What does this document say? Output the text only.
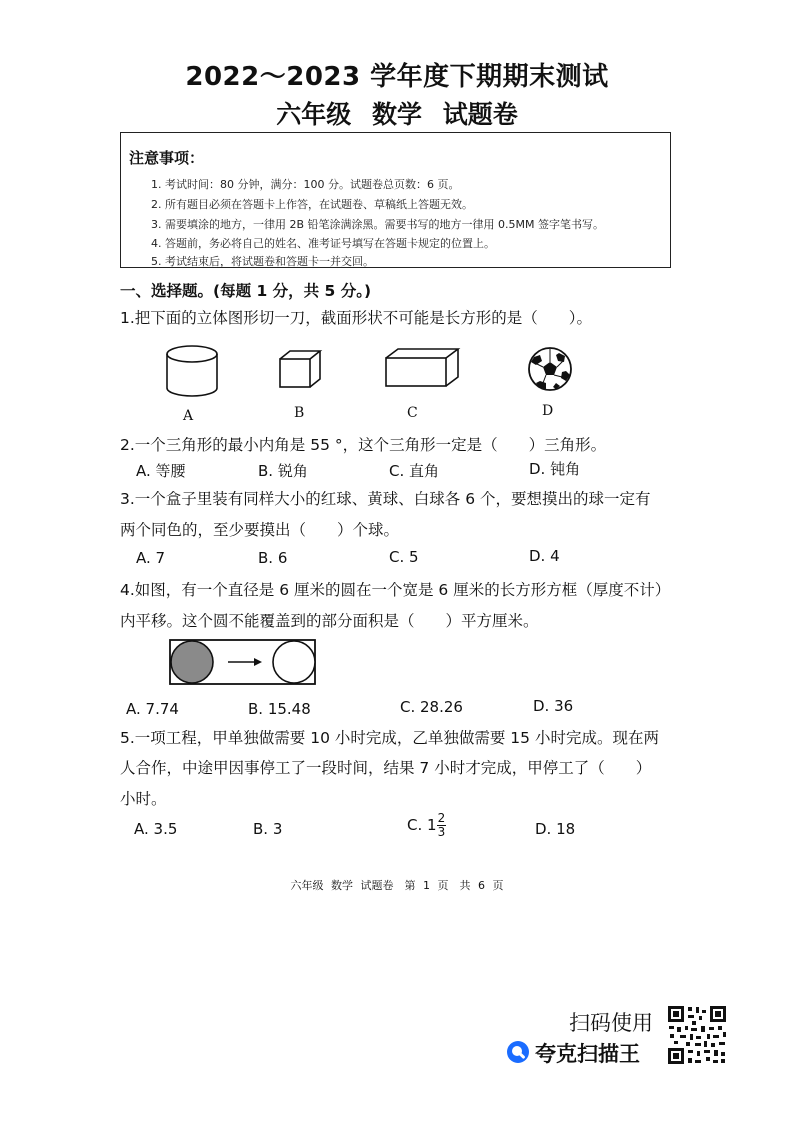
2022～2023 学年度下期期末测试
六年级 数学 试题卷
注意事项：
1. 考试时间：80 分钟，满分：100 分。试题卷总页数：6 页。
2. 所有题目必须在答题卡上作答，在试题卷、草稿纸上答题无效。
3. 需要填涂的地方，一律用 2B 铅笔涂满涂黑。需要书写的地方一律用 0.5MM 签字笔书写。
4. 答题前，务必将自己的姓名、准考证号填写在答题卡规定的位置上。
5. 考试结束后，将试题卷和答题卡一并交回。
一、选择题。(每题 1 分，共 5 分。)
1.把下面的立体图形切一刀，截面形状不可能是长方形的是（　　）。
A	B	C	D
2.一个三角形的最小内角是 55 °，这个三角形一定是（　　）三角形。
A. 等腰	B. 锐角	C. 直角	D. 钝角
3.一个盒子里装有同样大小的红球、黄球、白球各 6 个，要想摸出的球一定有
两个同色的，至少要摸出（　　）个球。
A. 7	B. 6	C. 5	D. 4
4.如图，有一个直径是 6 厘米的圆在一个宽是 6 厘米的长方形方框（厚度不计）
内平移。这个圆不能覆盖到的部分面积是（　　）平方厘米。
A. 7.74	B. 15.48	C. 28.26	D. 36
5.一项工程，甲单独做需要 10 小时完成，乙单独做需要 15 小时完成。现在两
人合作，中途甲因事停工了一段时间，结果 7 小时才完成，甲停工了（　　）
小时。
A. 3.5	B. 3	C. $1 \frac{2}{3}$	D. 18
六年级 数学 试题卷　第 1 页　共 6 页
扫码使用
夸克扫描王
